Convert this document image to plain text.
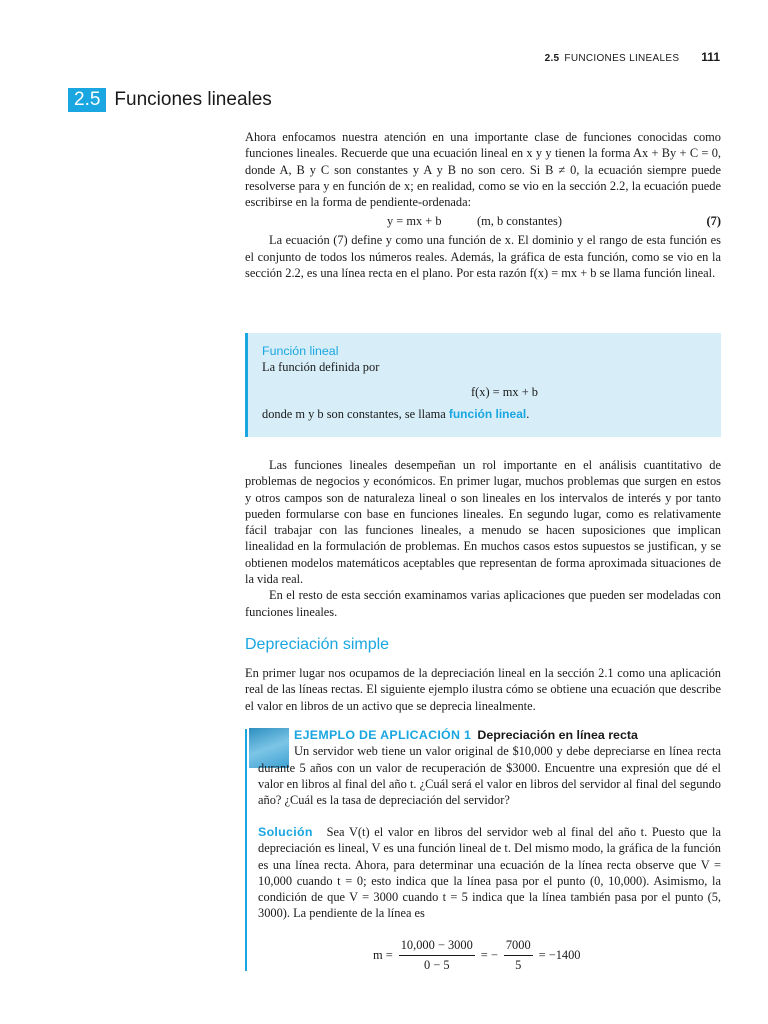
2.5 FUNCIONES LINEALES 111
2.5 Funciones lineales

Ahora enfocamos nuestra atención en una importante clase de funciones conocidas como funciones lineales. Recuerde que una ecuación lineal en x y y tienen la forma Ax + By + C = 0, donde A, B y C son constantes y A y B no son cero. Si B ≠ 0, la ecuación siempre puede resolverse para y en función de x; en realidad, como se vio en la sección 2.2, la ecuación puede escribirse en la forma de pendiente-ordenada:

y = mx + b	(m, b constantes)	(7)

La ecuación (7) define y como una función de x. El dominio y el rango de esta función es el conjunto de todos los números reales. Además, la gráfica de esta función, como se vio en la sección 2.2, es una línea recta en el plano. Por esta razón f(x) = mx + b se llama función lineal.

Función lineal
La función definida por
f(x) = mx + b
donde m y b son constantes, se llama función lineal.

Las funciones lineales desempeñan un rol importante en el análisis cuantitativo de problemas de negocios y económicos. En primer lugar, muchos problemas que surgen en estos y otros campos son de naturaleza lineal o son lineales en los intervalos de interés y por tanto pueden formularse con base en funciones lineales. En segundo lugar, como es relativamente fácil trabajar con las funciones lineales, a menudo se hacen suposiciones que implican linealidad en la formulación de problemas. En muchos casos estos supuestos se justifican, y se obtienen modelos matemáticos aceptables que representan de forma aproximada situaciones de la vida real.

En el resto de esta sección examinamos varias aplicaciones que pueden ser modeladas con funciones lineales.

Depreciación simple

En primer lugar nos ocupamos de la depreciación lineal en la sección 2.1 como una aplicación real de las líneas rectas. El siguiente ejemplo ilustra cómo se obtiene una ecuación que describe el valor en libros de un activo que se deprecia linealmente.

EJEMPLO DE APLICACIÓN 1 Depreciación en línea recta

Un servidor web tiene un valor original de $10,000 y debe depreciarse en línea recta durante 5 años con un valor de recuperación de $3000. Encuentre una expresión que dé el valor en libros al final del año t. ¿Cuál será el valor en libros del servidor al final del segundo año? ¿Cuál es la tasa de depreciación del servidor?

Solución Sea V(t) el valor en libros del servidor web al final del año t. Puesto que la depreciación es lineal, V es una función lineal de t. Del mismo modo, la gráfica de la función es una línea recta. Ahora, para determinar una ecuación de la línea recta observe que V = 10,000 cuando t = 0; esto indica que la línea pasa por el punto (0, 10,000). Asimismo, la condición de que V = 3000 cuando t = 5 indica que la línea también pasa por el punto (5, 3000). La pendiente de la línea es

$m = \frac{10,000 - 3000}{0 - 5}$ = − $\frac{7000}{5} = -1400$
